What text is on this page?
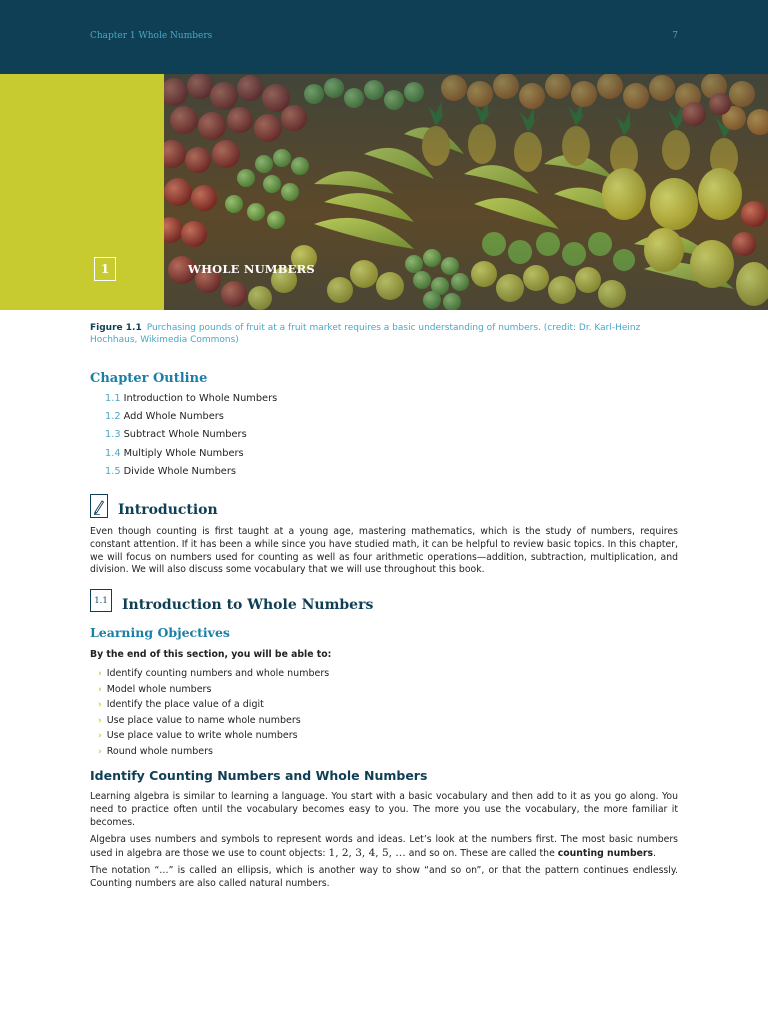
Chapter 1 Whole Numbers	7
1	WHOLE NUMBERS
Figure 1.1 Purchasing pounds of fruit at a fruit market requires a basic understanding of numbers. (credit: Dr. Karl-Heinz Hochhaus, Wikimedia Commons)
Chapter Outline
1.1 Introduction to Whole Numbers
1.2 Add Whole Numbers
1.3 Subtract Whole Numbers
1.4 Multiply Whole Numbers
1.5 Divide Whole Numbers
Introduction

Even though counting is first taught at a young age, mastering mathematics, which is the study of numbers, requires constant attention. If it has been a while since you have studied math, it can be helpful to review basic topics. In this chapter, we will focus on numbers used for counting as well as four arithmetic operations—addition, subtraction, multiplication, and division. We will also discuss some vocabulary that we will use throughout this book.

1.1	Introduction to Whole Numbers
Learning Objectives
By the end of this section, you will be able to:
› Identify counting numbers and whole numbers
› Model whole numbers
› Identify the place value of a digit
› Use place value to name whole numbers
› Use place value to write whole numbers
› Round whole numbers
Identify Counting Numbers and Whole Numbers

Learning algebra is similar to learning a language. You start with a basic vocabulary and then add to it as you go along. You need to practice often until the vocabulary becomes easy to you. The more you use the vocabulary, the more familiar it becomes.

Algebra uses numbers and symbols to represent words and ideas. Let’s look at the numbers first. The most basic numbers used in algebra are those we use to count objects: 1, 2, 3, 4, 5, … and so on. These are called the counting numbers.

The notation “…” is called an ellipsis, which is another way to show “and so on”, or that the pattern continues endlessly. Counting numbers are also called natural numbers.
